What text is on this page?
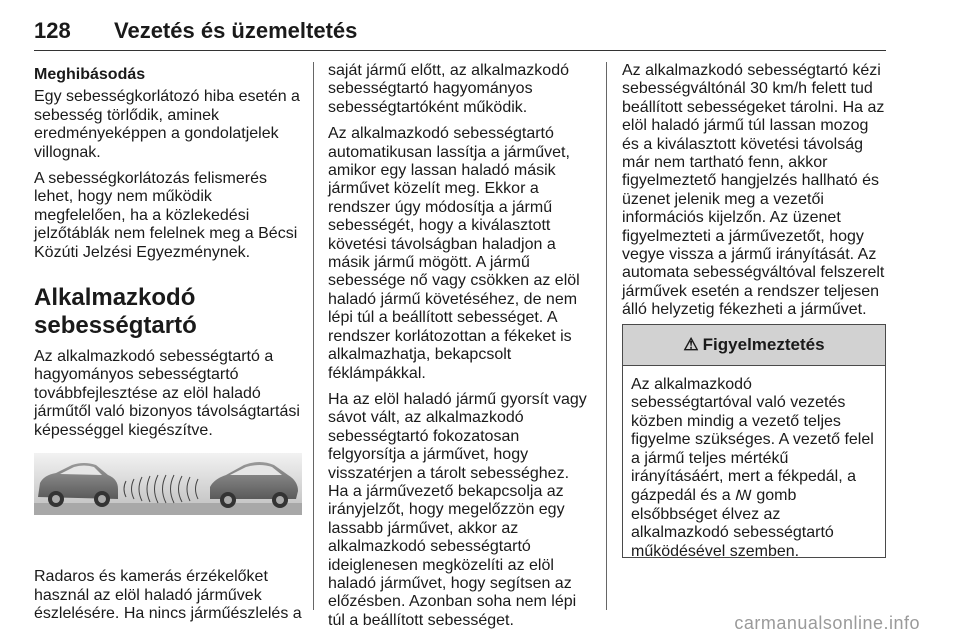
128 Vezetés és üzemeltetés
Meghibásodás

Egy sebességkorlátozó hiba esetén a sebesség törlődik, aminek eredményeképpen a gondolatjelek villognak.

A sebességkorlátozás felismerés lehet, hogy nem működik megfelelően, ha a közlekedési jelzőtáblák nem felelnek meg a Bécsi Közúti Jelzési Egyezménynek.

Alkalmazkodó sebességtartó

Az alkalmazkodó sebességtartó a hagyományos sebességtartó továbbfejlesztése az elöl haladó járműtől való bizonyos távolságtartási képességgel kiegészítve.

Radaros és kamerás érzékelőket használ az elöl haladó járművek észlelésére. Ha nincs járműészlelés a

saját jármű előtt, az alkalmazkodó sebességtartó hagyományos sebességtartóként működik.

Az alkalmazkodó sebességtartó automatikusan lassítja a járművet, amikor egy lassan haladó másik járművet közelít meg. Ekkor a rendszer úgy módosítja a jármű sebességét, hogy a kiválasztott követési távolságban haladjon a másik jármű mögött. A jármű sebessége nő vagy csökken az elöl haladó jármű követéséhez, de nem lépi túl a beállított sebességet. A rendszer korlátozottan a fékeket is alkalmazhatja, bekapcsolt féklámpákkal.

Ha az elöl haladó jármű gyorsít vagy sávot vált, az alkalmazkodó sebességtartó fokozatosan felgyorsítja a járművet, hogy visszatérjen a tárolt sebességhez. Ha a járművezető bekapcsolja az irányjelzőt, hogy megelőzzön egy lassabb járművet, akkor az alkalmazkodó sebességtartó ideiglenesen megközelíti az elöl haladó járművet, hogy segítsen az előzésben. Azonban soha nem lépi túl a beállított sebességet.

Az alkalmazkodó sebességtartó kézi sebességváltónál 30 km/h felett tud beállított sebességeket tárolni. Ha az elöl haladó jármű túl lassan mozog és a kiválasztott követési távolság már nem tartható fenn, akkor figyelmeztető hangjelzés hallható és üzenet jelenik meg a vezetői információs kijelzőn. Az üzenet figyelmezteti a járművezetőt, hogy vegye vissza a jármű irányítását. Az automata sebességváltóval felszerelt járművek esetén a rendszer teljesen álló helyzetig fékezheti a járművet.

⚠ Figyelmeztetés
Az alkalmazkodó sebességtartóval való vezetés közben mindig a vezető teljes figyelme szükséges. A vezető felel a jármű teljes mértékű irányításáért, mert a fékpedál, a gázpedál és a ꟿ gomb elsőbbséget élvez az alkalmazkodó sebességtartó működésével szemben.
carmanualsonline.info
